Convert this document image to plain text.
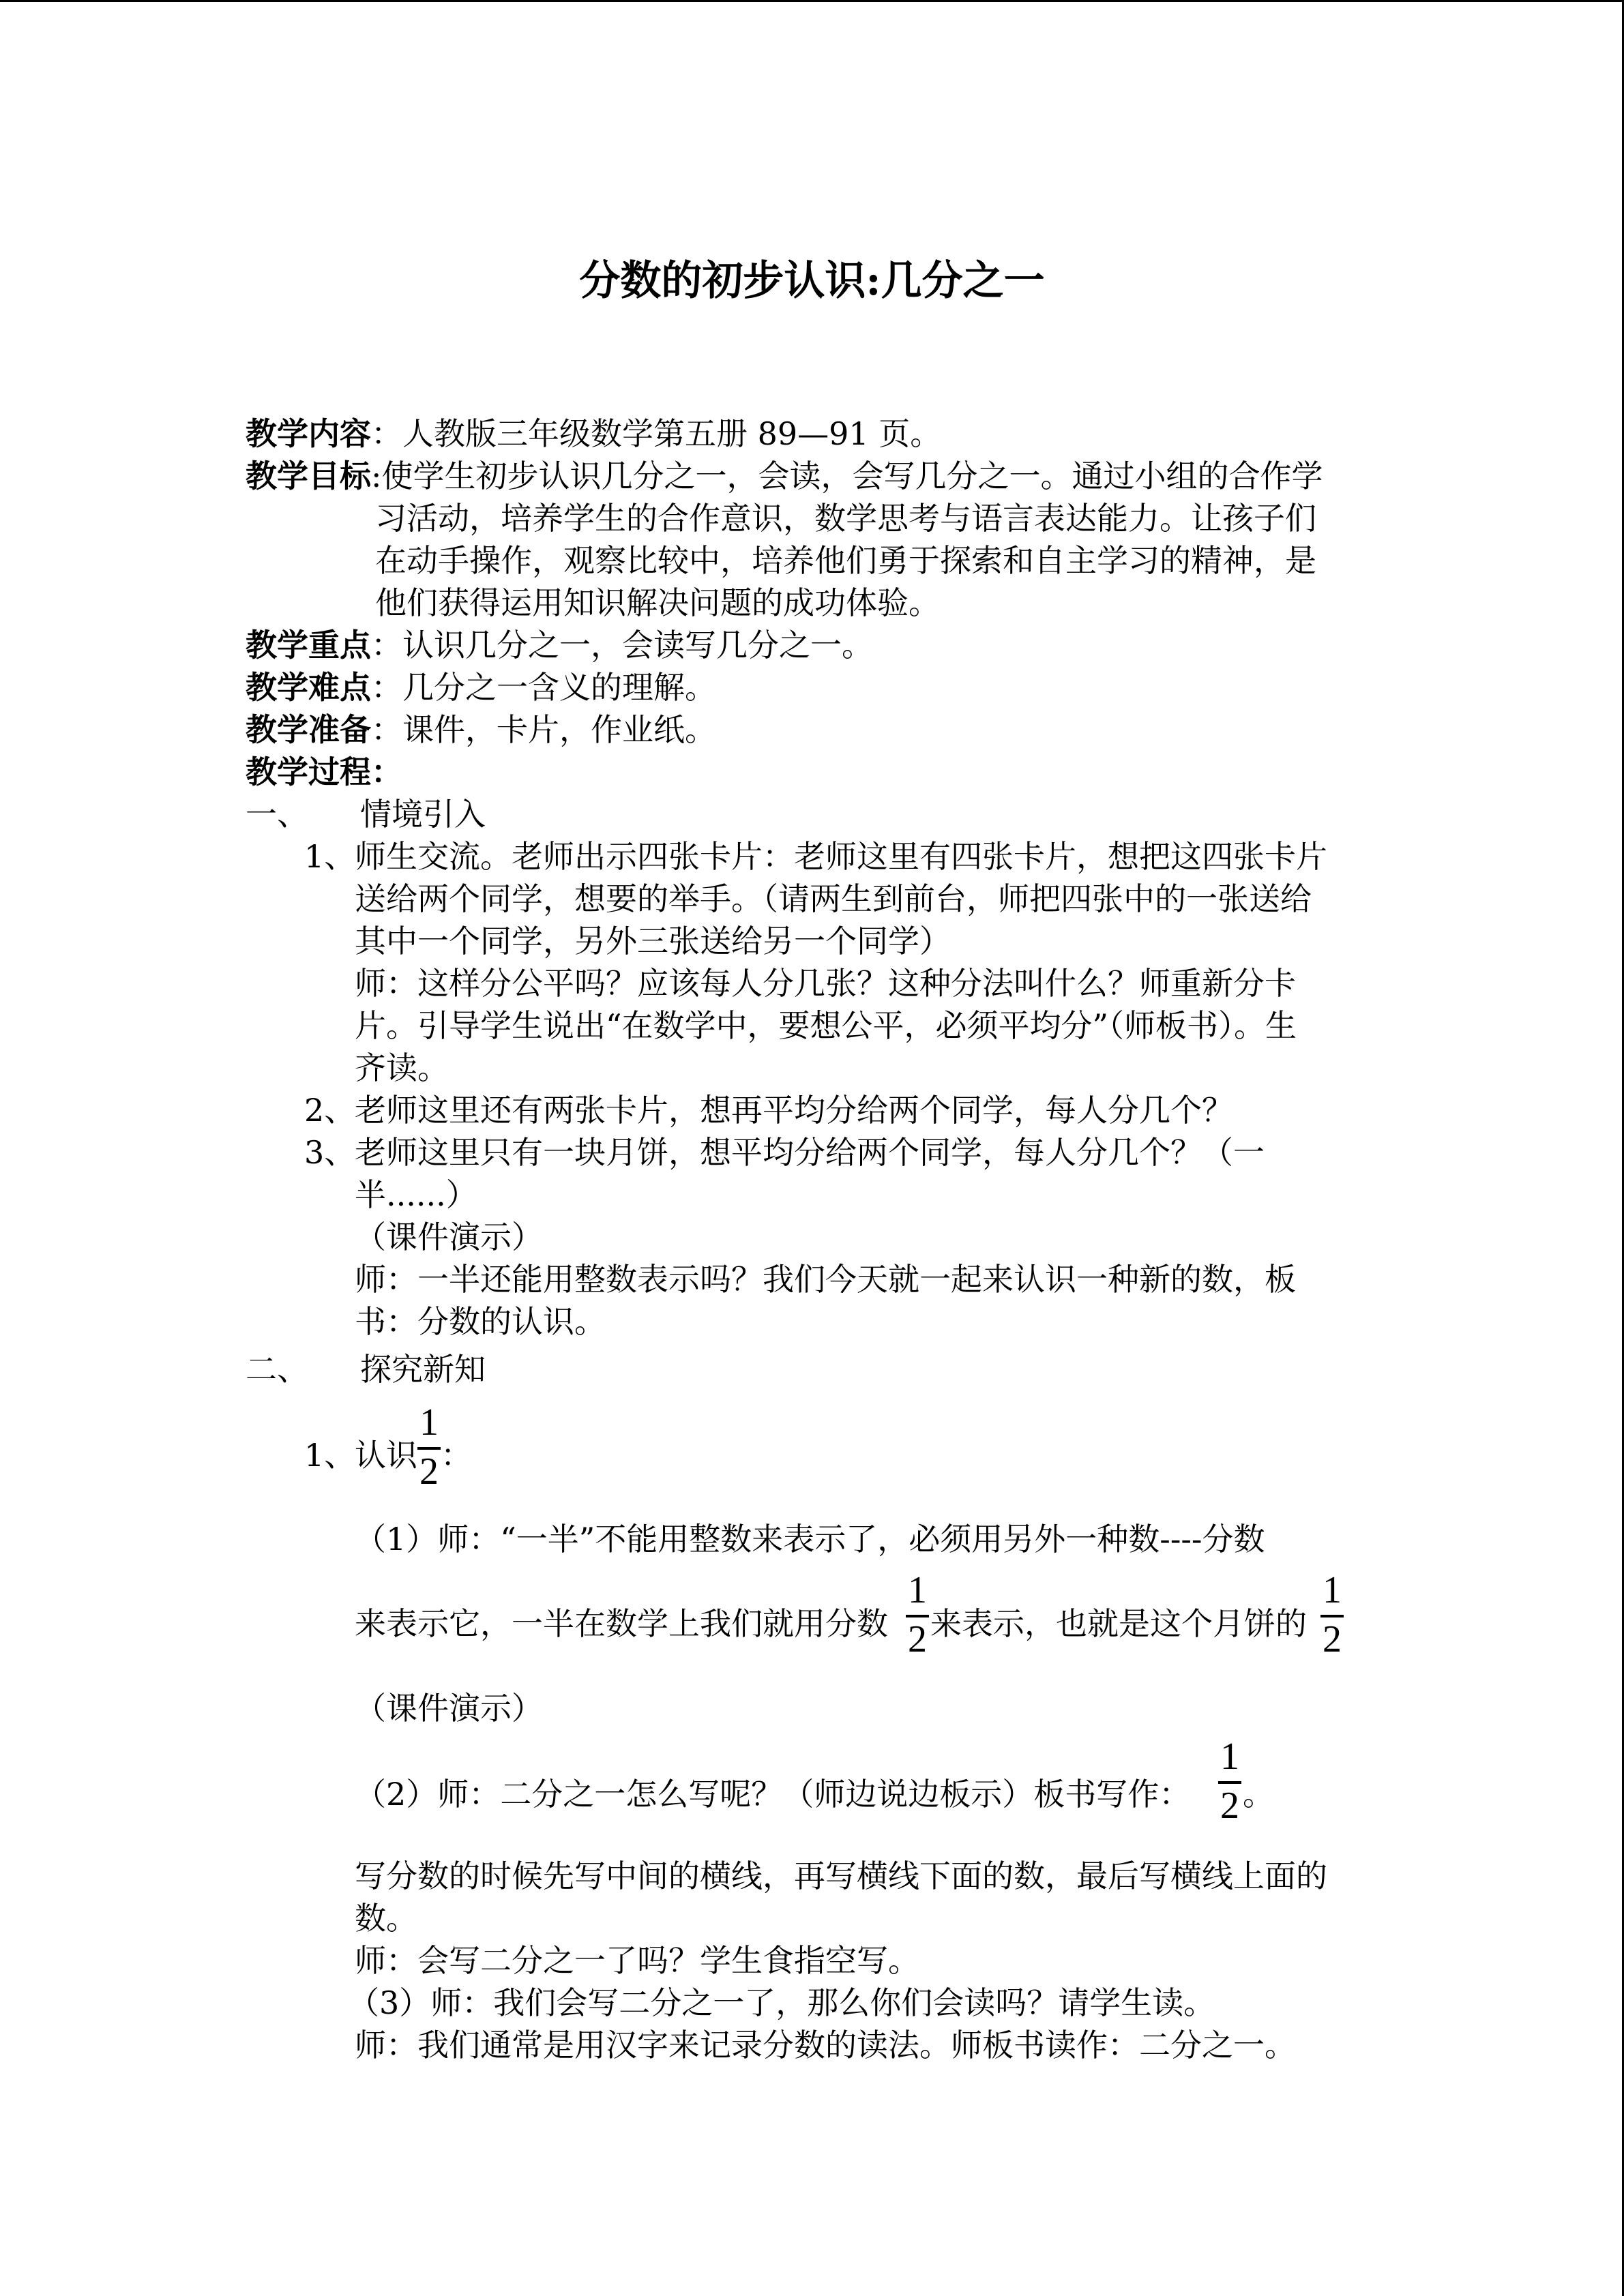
分数的初步认识:几分之一
教学内容：人教版三年级数学第五册 89—91 页。
教学目标:使学生初步认识几分之一，会读，会写几分之一。通过小组的合作学
习活动，培养学生的合作意识，数学思考与语言表达能力。让孩子们
在动手操作，观察比较中，培养他们勇于探索和自主学习的精神，是
他们获得运用知识解决问题的成功体验。
教学重点：认识几分之一，会读写几分之一。
教学难点：几分之一含义的理解。
教学准备：课件，卡片，作业纸。
教学过程：
一、 情境引入
1、
师生交流。老师出示四张卡片：老师这里有四张卡片，想把这四张卡片
送给两个同学，想要的举手。（请两生到前台，师把四张中的一张送给
其中一个同学，另外三张送给另一个同学）
师：这样分公平吗？应该每人分几张？这种分法叫什么？师重新分卡
片。引导学生说出“在数学中，要想公平，必须平均分”（师板书）。生
齐读。
2、
老师这里还有两张卡片，想再平均分给两个同学，每人分几个？
3、
老师这里只有一块月饼，想平均分给两个同学，每人分几个？（一
半......）
（课件演示）
师：一半还能用整数表示吗？我们今天就一起来认识一种新的数，板
书：分数的认识。
二、 探究新知
1、
认识
1
2 ：
（1）师：“一半”不能用整数来表示了，必须用另外一种数----分数
来表示它，一半在数学上我们就用分数
1
2 来表示，也就是这个月饼的
1
2
（课件演示）
（2）师：二分之一怎么写呢？（师边说边板示）板书写作：
1
2 。
写分数的时候先写中间的横线，再写横线下面的数，最后写横线上面的
数。
师：会写二分之一了吗？学生食指空写。
（3）师：我们会写二分之一了，那么你们会读吗？请学生读。
师：我们通常是用汉字来记录分数的读法。师板书读作：二分之一。
